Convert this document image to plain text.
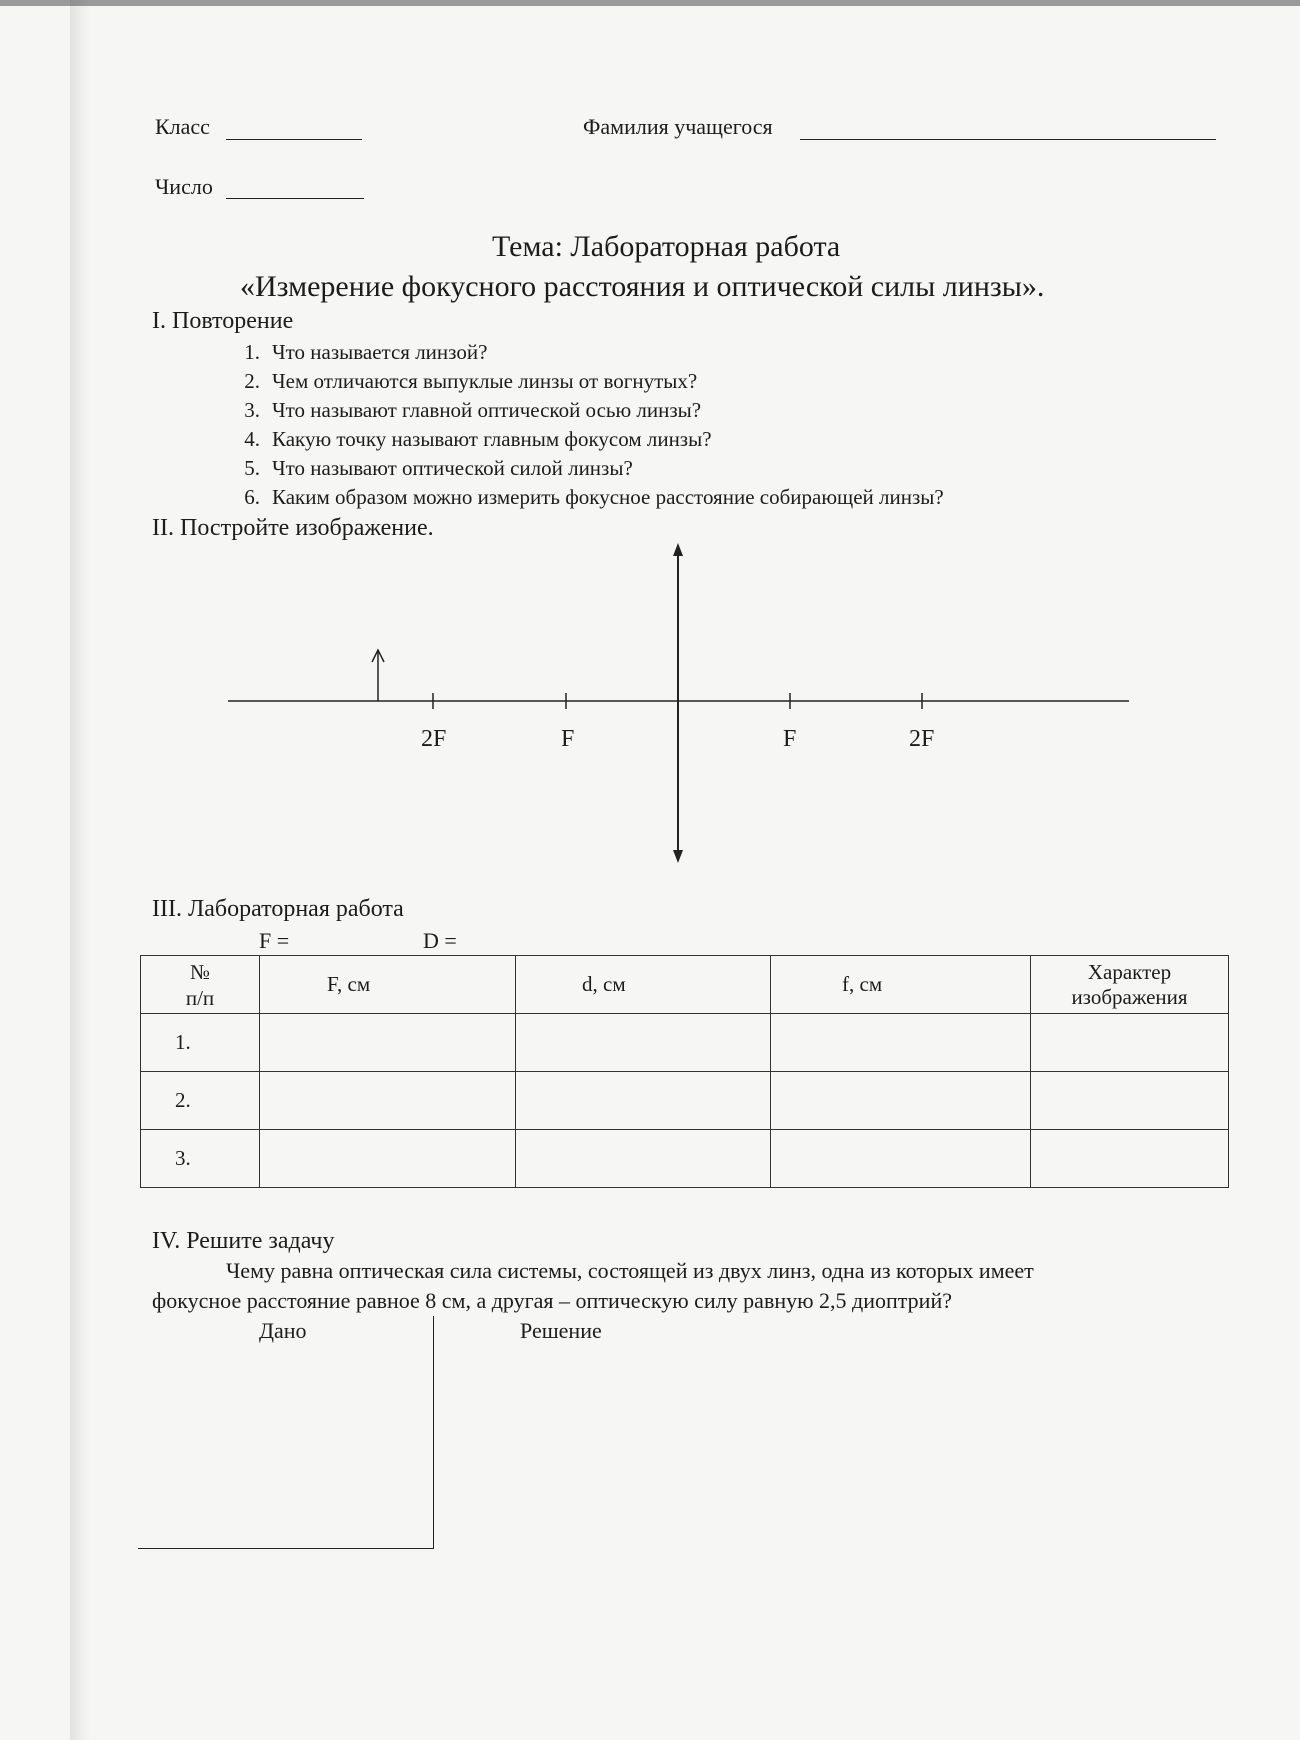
Класс	Фамилия учащегося
Число
Тема: Лабораторная работа
«Измерение фокусного расстояния и оптической силы линзы».
I. Повторение
1. Что называется линзой?
2. Чем отличаются выпуклые линзы от вогнутых?
3. Что называют главной оптической осью линзы?
4. Какую точку называют главным фокусом линзы?
5. Что называют оптической силой линзы?
6. Каким образом можно измерить фокусное расстояние собирающей линзы?
II. Постройте изображение.
2F	F	F	2F
III. Лабораторная работа
F =	D =
№
п/п	F, см	d, см	f, см	Характер изображения
1.				
2.				
3.				
IV. Решите задачу
Чему равна оптическая сила системы, состоящей из двух линз, одна из которых имеет
фокусное расстояние равное 8 см, а другая – оптическую силу равную 2,5 диоптрий?
Дано	Решение
